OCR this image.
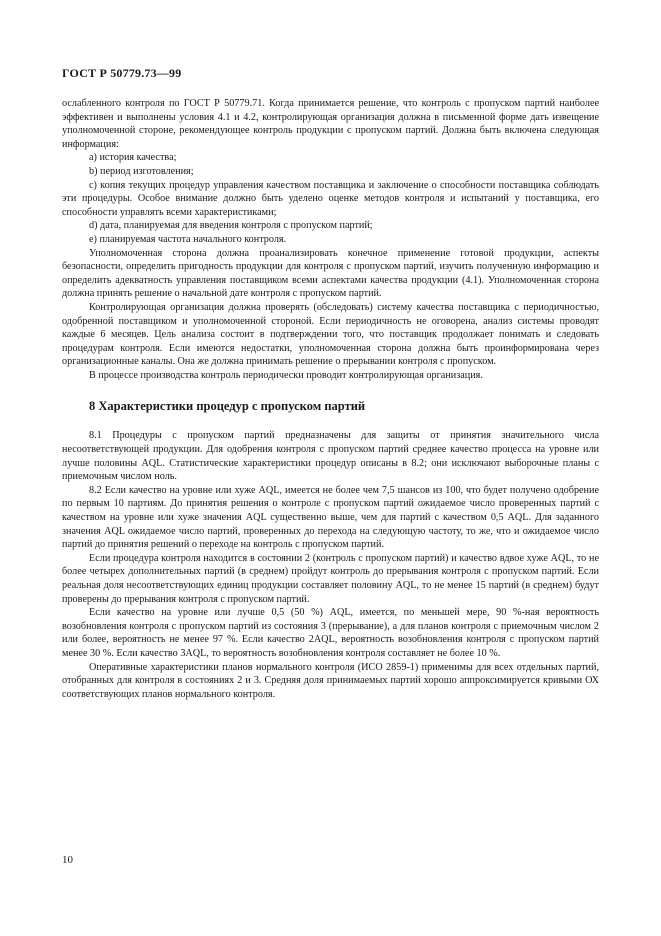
ГОСТ Р 50779.73—99

ослабленного контроля по ГОСТ Р 50779.71. Когда принимается решение, что контроль с пропуском партий наиболее эффективен и выполнены условия 4.1 и 4.2, контролирующая организация должна в письменной форме дать извещение уполномоченной стороне, рекомендующее контроль продукции с пропуском партий. Должна быть включена следующая информация:

а) история качества;

b) период изготовления;

с) копия текущих процедур управления качеством поставщика и заключение о способности поставщика соблюдать эти процедуры. Особое внимание должно быть уделено оценке методов контроля и испытаний у поставщика, его способности управлять всеми характеристиками;

d) дата, планируемая для введения контроля с пропуском партий;

е) планируемая частота начального контроля.

Уполномоченная сторона должна проанализировать конечное применение готовой продукции, аспекты безопасности, определить пригодность продукции для контроля с пропуском партий, изучить полученную информацию и определить адекватность управления поставщиком всеми аспектами качества продукции (4.1). Уполномоченная сторона должна принять решение о начальной дате контроля с пропуском партий.

Контролирующая организация должна проверять (обследовать) систему качества поставщика с периодичностью, одобренной поставщиком и уполномоченной стороной. Если периодичность не оговорена, анализ системы проводят каждые 6 месяцев. Цель анализа состоит в подтверждении того, что поставщик продолжает понимать и следовать процедурам контроля. Если имеются недостатки, уполномоченная сторона должна быть проинформирована через организационные каналы. Она же должна принимать решение о прерывании контроля с пропуском.

В процессе производства контроль периодически проводит контролирующая организация.

8 Характеристики процедур с пропуском партий

8.1 Процедуры с пропуском партий предназначены для защиты от принятия значительного числа несоответствующей продукции. Для одобрения контроля с пропуском партий среднее качество процесса на уровне или лучше половины AQL. Статистические характеристики процедур описаны в 8.2; они исключают выборочные планы с приемочным числом ноль.

8.2 Если качество на уровне или хуже AQL, имеется не более чем 7,5 шансов из 100, что будет получено одобрение по первым 10 партиям. До принятия решения о контроле с пропуском партий ожидаемое число проверенных партий с качеством на уровне или хуже значения AQL существенно выше, чем для партий с качеством 0,5 AQL. Для заданного значения AQL ожидаемое число партий, проверенных до перехода на следующую частоту, то же, что и ожидаемое число партий до принятия решений о переходе на контроль с пропуском партий.

Если процедура контроля находится в состоянии 2 (контроль с пропуском партий) и качество вдвое хуже AQL, то не более четырех дополнительных партий (в среднем) пройдут контроль до прерывания контроля с пропуском партий. Если реальная доля несоответствующих единиц продукции составляет половину AQL, то не менее 15 партий (в среднем) будут проверены до прерывания контроля с пропуском партий.

Если качество на уровне или лучше 0,5 (50 %) AQL, имеется, по меньшей мере, 90 %-ная вероятность возобновления контроля с пропуском партий из состояния 3 (прерывание), а для планов контроля с приемочным числом 2 или более, вероятность не менее 97 %. Если качество 2AQL, вероятность возобновления контроля с пропуском партий менее 30 %. Если качество 3AQL, то вероятность возобновления контроля составляет не более 10 %.

Оперативные характеристики планов нормального контроля (ИСО 2859-1) применимы для всех отдельных партий, отобранных для контроля в состояниях 2 и 3. Средняя доля принимаемых партий хорошо аппроксимируется кривыми ОХ соответствующих планов нормального контроля.

10
